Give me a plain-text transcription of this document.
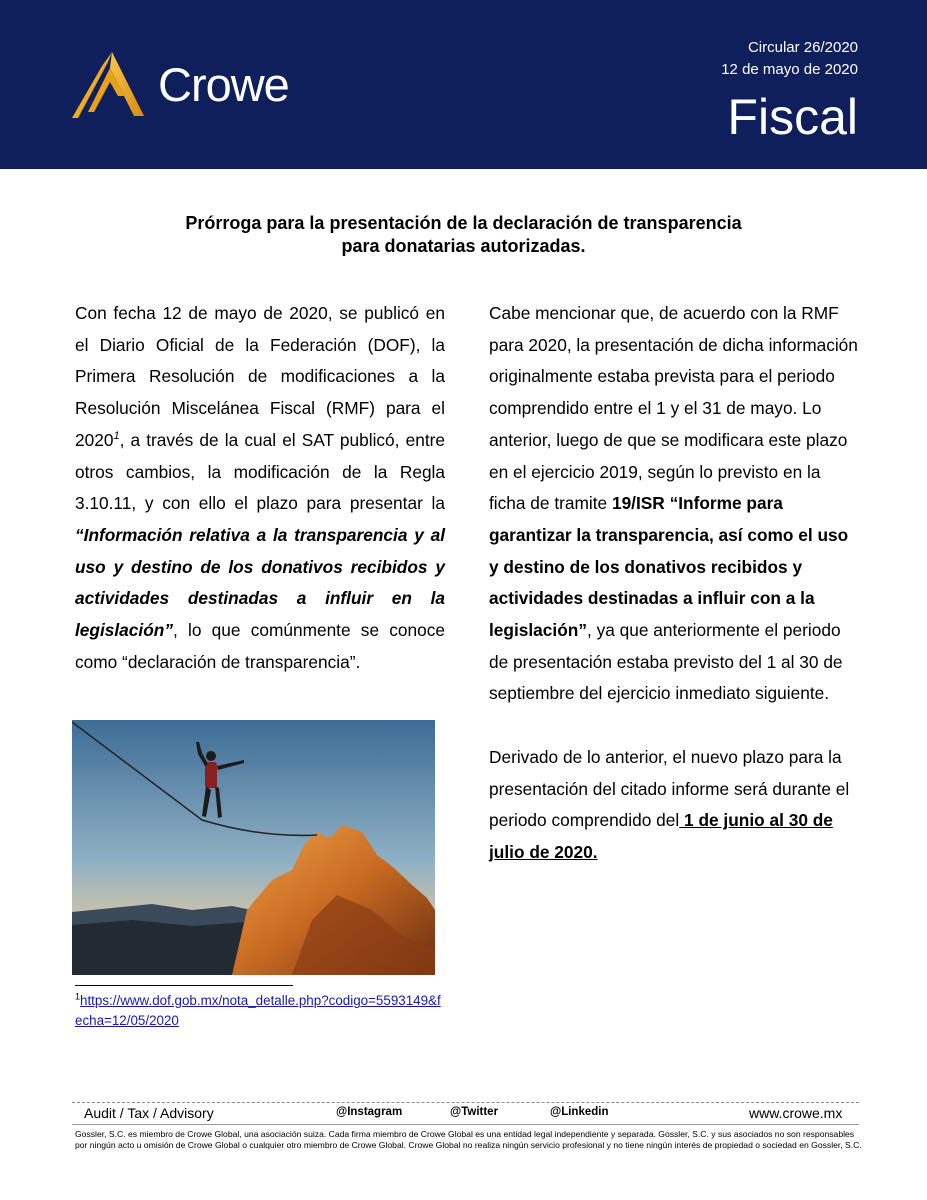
Crowe
Circular 26/2020
12 de mayo de 2020
Fiscal
Prórroga para la presentación de la declaración de transparencia
para donatarias autorizadas.

Con fecha 12 de mayo de 2020, se publicó en el Diario Oficial de la Federación (DOF), la Primera Resolución de modificaciones a la Resolución Miscelánea Fiscal (RMF) para el 2020$^1$, a través de la cual el SAT publicó, entre otros cambios, la modificación de la Regla 3.10.11, y con ello el plazo para presentar la “Información relativa a la transparencia y al uso y destino de los donativos recibidos y actividades destinadas a influir en la legislación”, lo que comúnmente se conoce como “declaración de transparencia”.

$^1$https://www.dof.gob.mx/nota_detalle.php?codigo=5593149&fecha=12/05/2020

Cabe mencionar que, de acuerdo con la RMF para 2020, la presentación de dicha información originalmente estaba prevista para el periodo comprendido entre el 1 y el 31 de mayo. Lo anterior, luego de que se modificara este plazo en el ejercicio 2019, según lo previsto en la ficha de tramite 19/ISR “Informe para garantizar la transparencia, así como el uso y destino de los donativos recibidos y actividades destinadas a influir con a la legislación”, ya que anteriormente el periodo de presentación estaba previsto del 1 al 30 de septiembre del ejercicio inmediato siguiente.

Derivado de lo anterior, el nuevo plazo para la presentación del citado informe será durante el periodo comprendido del 1 de junio al 30 de julio de 2020.

Audit / Tax / Advisory	@Instagram	@Twitter	@Linkedin	www.crowe.mx
Gossler, S.C. es miembro de Crowe Global, una asociación suiza. Cada firma miembro de Crowe Global es una entidad legal independiente y separada. Gossler, S.C. y sus asociados no son responsables por ningún acto u omisión de Crowe Global o cualquier otro miembro de Crowe Global. Crowe Global no realiza ningún servicio profesional y no tiene ningún interés de propiedad o sociedad en Gossler, S.C.
